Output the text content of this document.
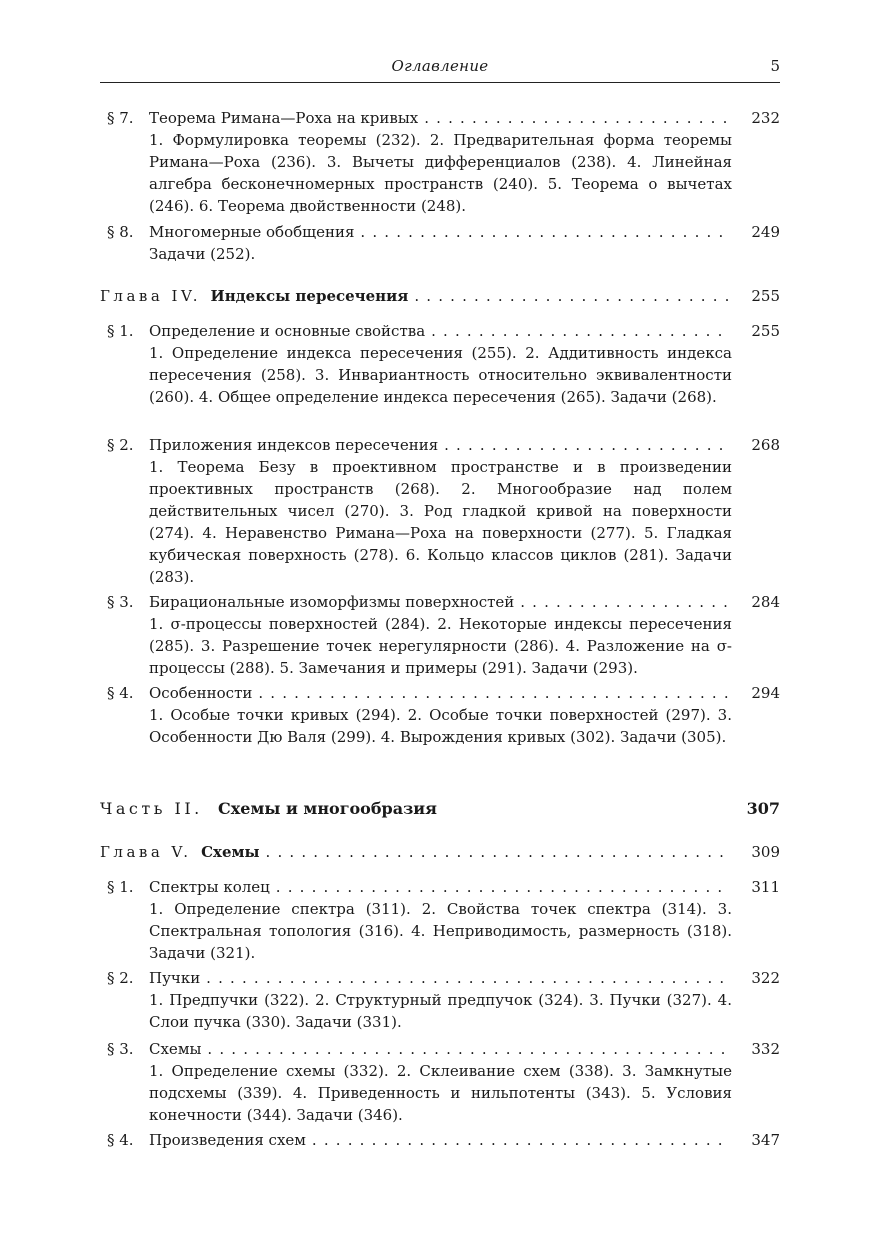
Оглавление	5
§ 7. Теорема Римана—Роха на кривых . . .	232
1. Формулировка теоремы (232). 2. Предварительная форма теоремы Римана—Роха (236). 3. Вычеты дифференциалов (238). 4. Линейная алгебра бесконечномерных пространств (240). 5. Теорема о вычетах (246). 6. Теорема двойственности (248).
§ 8. Многомерные обобщения . . .	249
Задачи (252).
Глава IV. Индексы пересечения . . .	255
§ 1. Определение и основные свойства . . .	255
1. Определение индекса пересечения (255). 2. Аддитивность индекса пересечения (258). 3. Инвариантность относительно эквивалентности (260). 4. Общее определение индекса пересечения (265). Задачи (268).
§ 2. Приложения индексов пересечения . . .	268
1. Теорема Безу в проективном пространстве и в произведении проективных пространств (268). 2. Многообразие над полем действительных чисел (270). 3. Род гладкой кривой на поверхности (274). 4. Неравенство Римана—Роха на поверхности (277). 5. Гладкая кубическая поверхность (278). 6. Кольцо классов циклов (281). Задачи (283).
§ 3. Бирациональные изоморфизмы поверхностей . . .	284
1. σ-процессы поверхностей (284). 2. Некоторые индексы пересечения (285). 3. Разрешение точек нерегулярности (286). 4. Разложение на σ-процессы (288). 5. Замечания и примеры (291). Задачи (293).
§ 4. Особенности . . .	294
1. Особые точки кривых (294). 2. Особые точки поверхностей (297). 3. Особенности Дю Валя (299). 4. Вырождения кривых (302). Задачи (305).
Часть II. Схемы и многообразия	307
Глава V. Схемы . . .	309
§ 1. Спектры колец . . .	311
1. Определение спектра (311). 2. Свойства точек спектра (314). 3. Спектральная топология (316). 4. Неприводимость, размерность (318). Задачи (321).
§ 2. Пучки . . .	322
1. Предпучки (322). 2. Структурный предпучок (324). 3. Пучки (327). 4. Слои пучка (330). Задачи (331).
§ 3. Схемы . . .	332
1. Определение схемы (332). 2. Склеивание схем (338). 3. Замкнутые подсхемы (339). 4. Приведенность и нильпотенты (343). 5. Условия конечности (344). Задачи (346).
§ 4. Произведения схем . . .	347
